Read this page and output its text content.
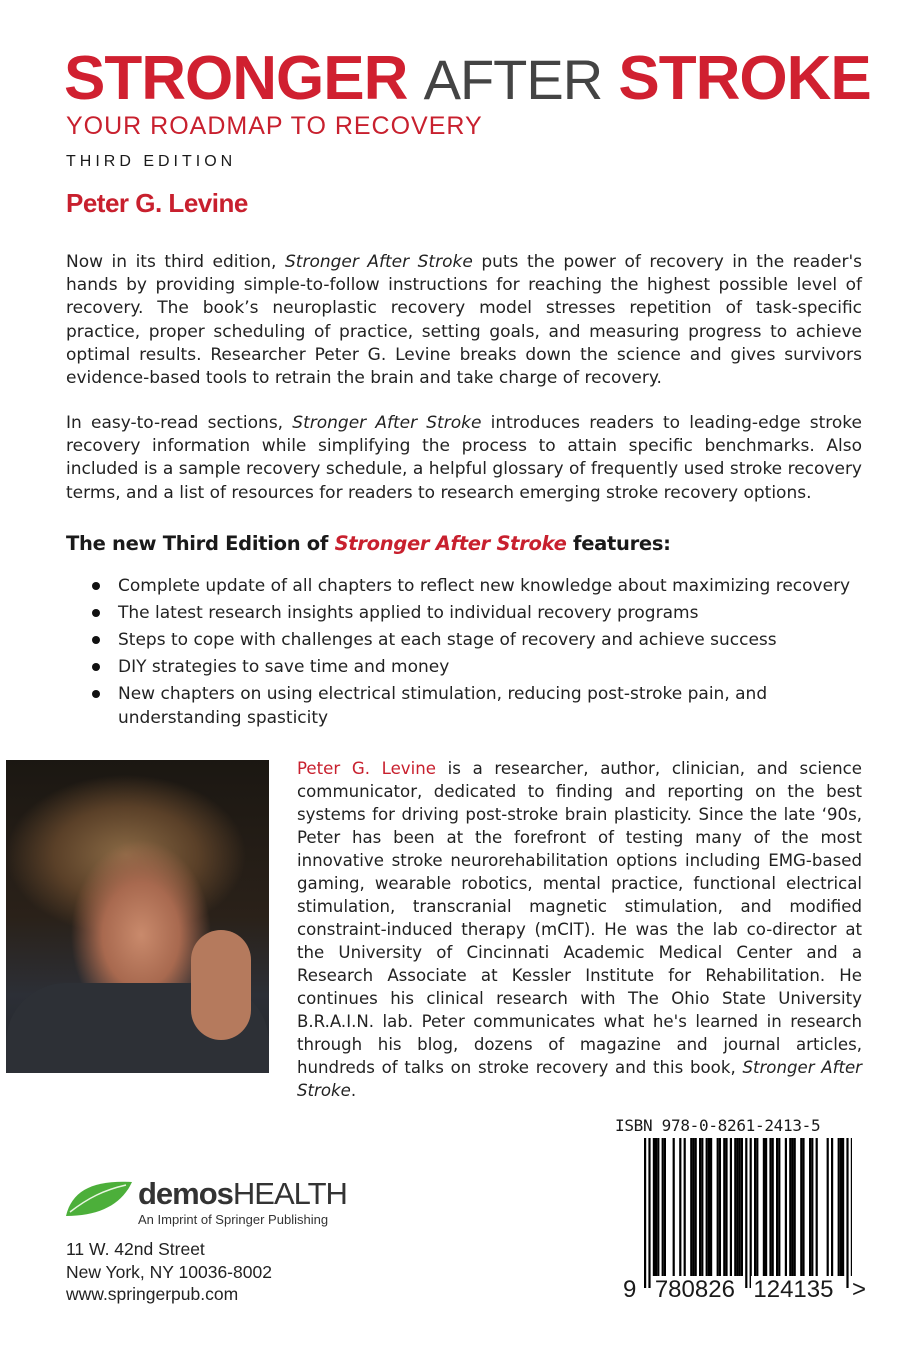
STRONGER AFTER STROKE
YOUR ROADMAP TO RECOVERY
THIRD EDITION
Peter G. Levine

Now in its third edition, Stronger After Stroke puts the power of recovery in the reader's hands by providing simple-to-follow instructions for reaching the highest possible level of recovery. The book’s neuroplastic recovery model stresses repetition of task-specific practice, proper scheduling of practice, setting goals, and measuring progress to achieve optimal results. Researcher Peter G. Levine breaks down the science and gives survivors evidence-based tools to retrain the brain and take charge of recovery.

In easy-to-read sections, Stronger After Stroke introduces readers to leading-edge stroke recovery information while simplifying the process to attain specific benchmarks. Also included is a sample recovery schedule, a helpful glossary of frequently used stroke recovery terms, and a list of resources for readers to research emerging stroke recovery options.

The new Third Edition of Stronger After Stroke features:
Complete update of all chapters to reflect new knowledge about maximizing recovery
The latest research insights applied to individual recovery programs
Steps to cope with challenges at each stage of recovery and achieve success
DIY strategies to save time and money
New chapters on using electrical stimulation, reducing post-stroke pain, and understanding spasticity

Peter G. Levine is a researcher, author, clinician, and science communicator, dedicated to finding and reporting on the best systems for driving post-stroke brain plasticity. Since the late ‘90s, Peter has been at the forefront of testing many of the most innovative stroke neurorehabilitation options including EMG-based gaming, wearable robotics, mental practice, functional electrical stimulation, transcranial magnetic stimulation, and modified constraint-induced therapy (mCIT). He was the lab co-director at the University of Cincinnati Academic Medical Center and a Research Associate at Kessler Institute for Rehabilitation. He continues his clinical research with The Ohio State University B.R.A.I.N. lab. Peter communicates what he's learned in research through his blog, dozens of magazine and journal articles, hundreds of talks on stroke recovery and this book, Stronger After Stroke.

ISBN 978-0-8261-2413-5
9 780826 124135 >
demosHEALTH
An Imprint of Springer Publishing
11 W. 42nd Street
New York, NY 10036-8002
www.springerpub.com
